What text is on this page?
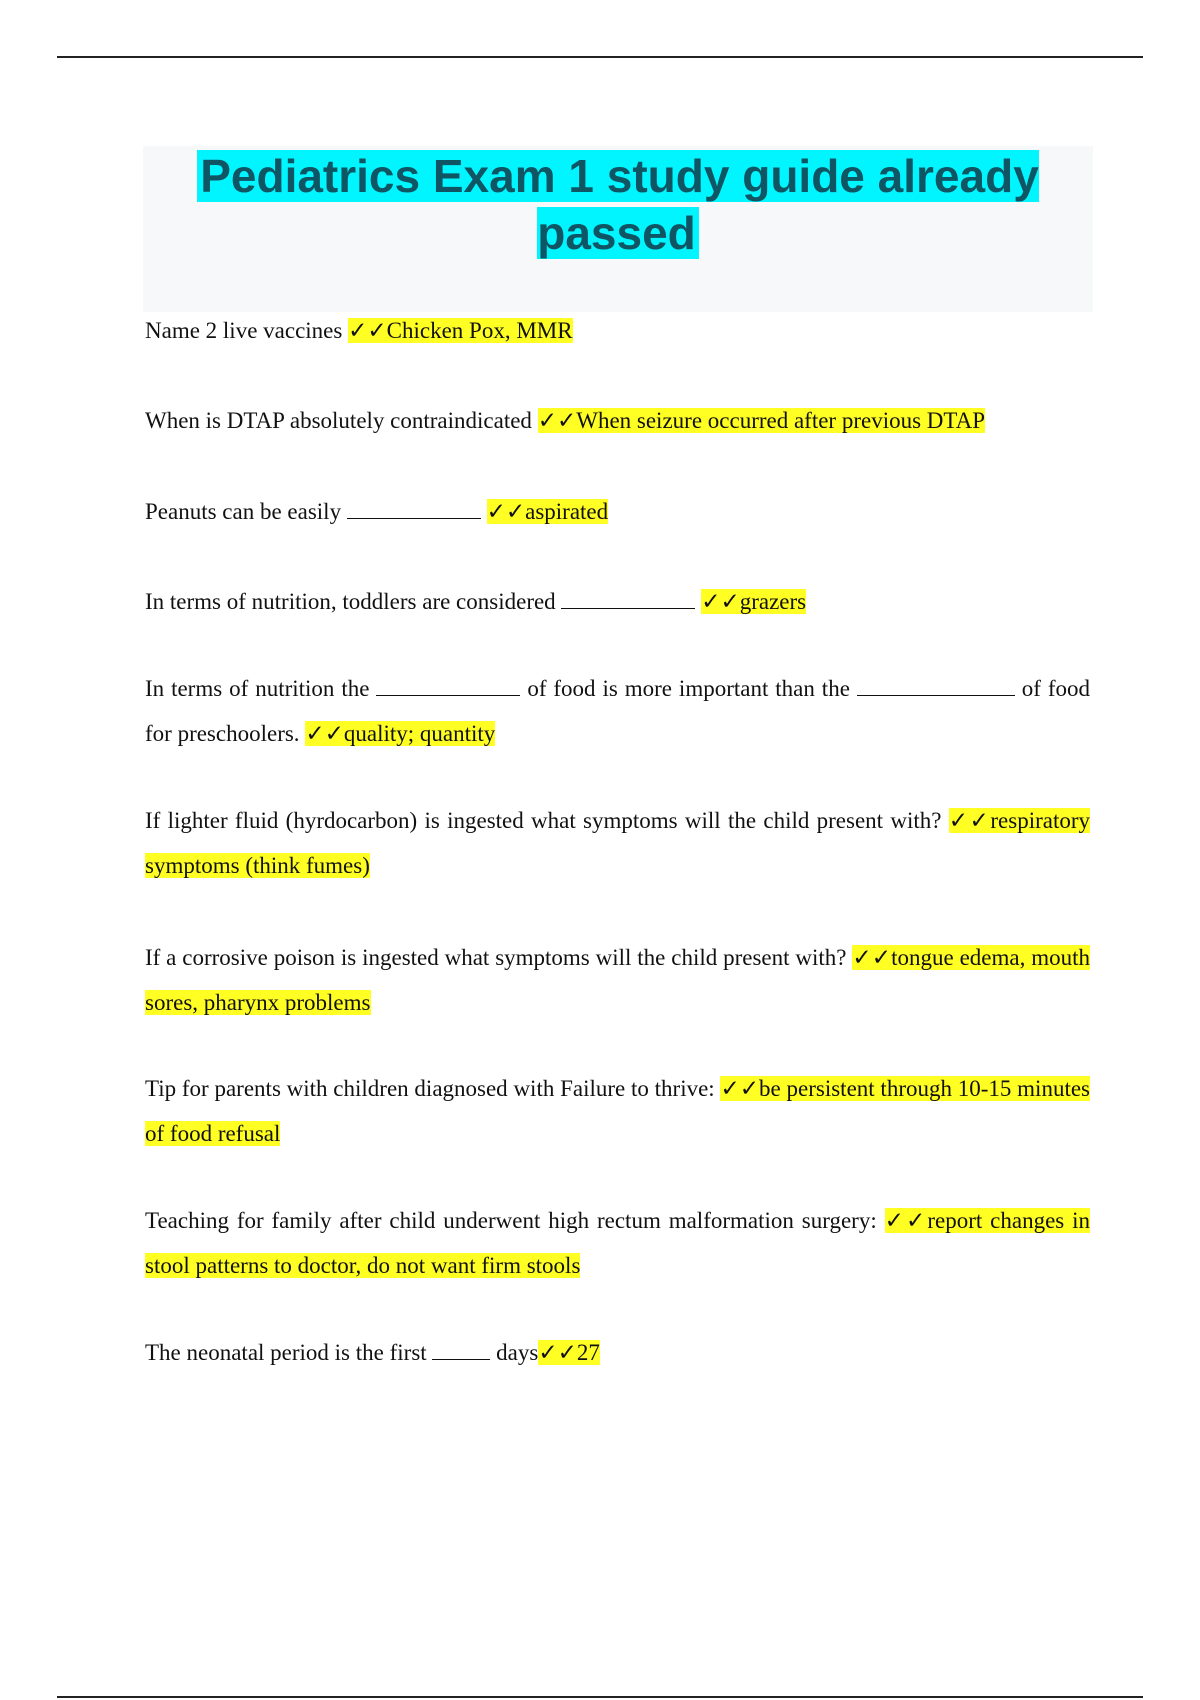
Pediatrics Exam 1 study guide already passed
Name 2 live vaccines ✓✓Chicken Pox, MMR
When is DTAP absolutely contraindicated ✓✓When seizure occurred after previous DTAP
Peanuts can be easily	✓✓aspirated
In terms of nutrition, toddlers are considered	✓✓grazers
In terms of nutrition the	of food is more important than the	of food for preschoolers. ✓✓quality; quantity
If lighter fluid (hyrdocarbon) is ingested what symptoms will the child present with? ✓✓respiratory symptoms (think fumes)
If a corrosive poison is ingested what symptoms will the child present with? ✓✓tongue edema, mouth sores, pharynx problems
Tip for parents with children diagnosed with Failure to thrive: ✓✓be persistent through 10-15 minutes of food refusal
Teaching for family after child underwent high rectum malformation surgery: ✓✓report changes in stool patterns to doctor, do not want firm stools
The neonatal period is the first	days✓✓27
